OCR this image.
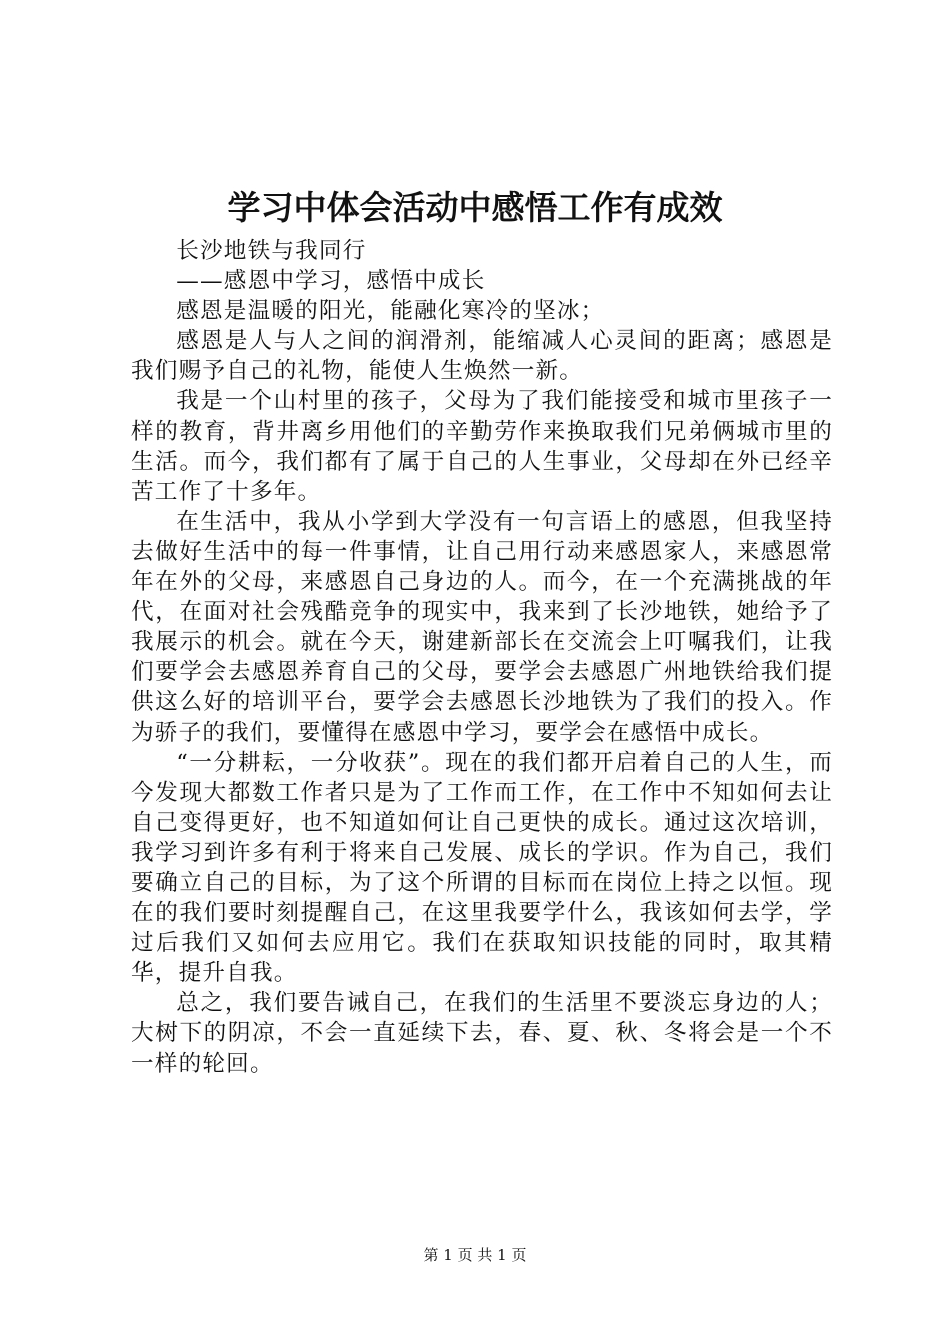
学习中体会活动中感悟工作有成效

长沙地铁与我同行

——感恩中学习，感悟中成长

感恩是温暖的阳光，能融化寒冷的坚冰；

感恩是人与人之间的润滑剂，能缩减人心灵间的距离；感恩是我们赐予自己的礼物，能使人生焕然一新。

我是一个山村里的孩子，父母为了我们能接受和城市里孩子一样的教育，背井离乡用他们的辛勤劳作来换取我们兄弟俩城市里的生活。而今，我们都有了属于自己的人生事业，父母却在外已经辛苦工作了十多年。

在生活中，我从小学到大学没有一句言语上的感恩，但我坚持去做好生活中的每一件事情，让自己用行动来感恩家人，来感恩常年在外的父母，来感恩自己身边的人。而今，在一个充满挑战的年代，在面对社会残酷竞争的现实中，我来到了长沙地铁，她给予了我展示的机会。就在今天，谢建新部长在交流会上叮嘱我们，让我们要学会去感恩养育自己的父母，要学会去感恩广州地铁给我们提供这么好的培训平台，要学会去感恩长沙地铁为了我们的投入。作为骄子的我们，要懂得在感恩中学习，要学会在感悟中成长。

“一分耕耘，一分收获”。现在的我们都开启着自己的人生，而今发现大都数工作者只是为了工作而工作，在工作中不知如何去让自己变得更好，也不知道如何让自己更快的成长。通过这次培训，我学习到许多有利于将来自己发展、成长的学识。作为自己，我们要确立自己的目标，为了这个所谓的目标而在岗位上持之以恒。现在的我们要时刻提醒自己，在这里我要学什么，我该如何去学，学过后我们又如何去应用它。我们在获取知识技能的同时，取其精华，提升自我。

总之，我们要告诫自己，在我们的生活里不要淡忘身边的人；大树下的阴凉，不会一直延续下去，春、夏、秋、冬将会是一个不一样的轮回。

第 1 页 共 1 页
